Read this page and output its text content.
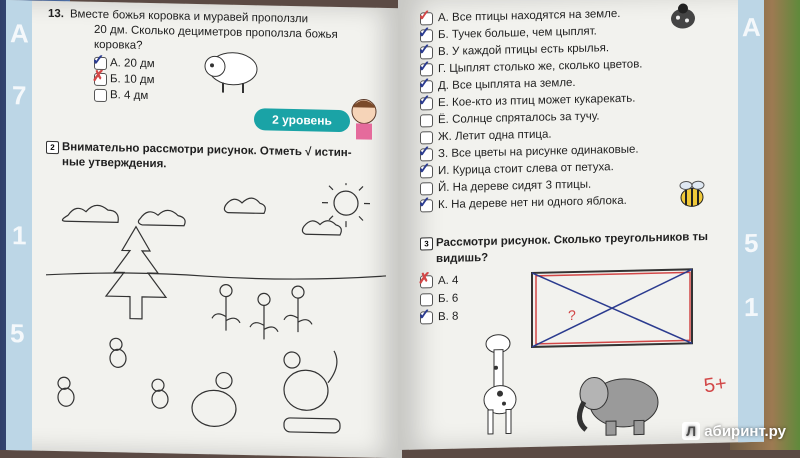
A
7
1
5
13. Вместе божья коровка и муравей проползли
20 дм. Сколько дециметров проползла божья
коровка?
✓ А. 20 дм
✗ Б. 10 дм
В. 4 дм
2 уровень
2 Внимательно рассмотри рисунок. Отметь √ истин-
ные утверждения.
A
5
1
✓ А. Все птицы находятся на земле.
✓ Б. Тучек больше, чем цыплят.
✓ В. У каждой птицы есть крылья.
✓ Г. Цыплят столько же, сколько цветов.
✓ Д. Все цыплята на земле.
✓ Е. Кое-кто из птиц может кукарекать.
Ё. Солнце спряталось за тучу.
Ж. Летит одна птица.
✓ З. Все цветы на рисунке одинаковые.
✓ И. Курица стоит слева от петуха.
Й. На дереве сидят 3 птицы.
✓ К. На дереве нет ни одного яблока.
3 Рассмотри рисунок. Сколько треугольников ты
видишь?
✗ А. 4
Б. 6
✓ В. 8	?
5+
Л абиринт.ру
